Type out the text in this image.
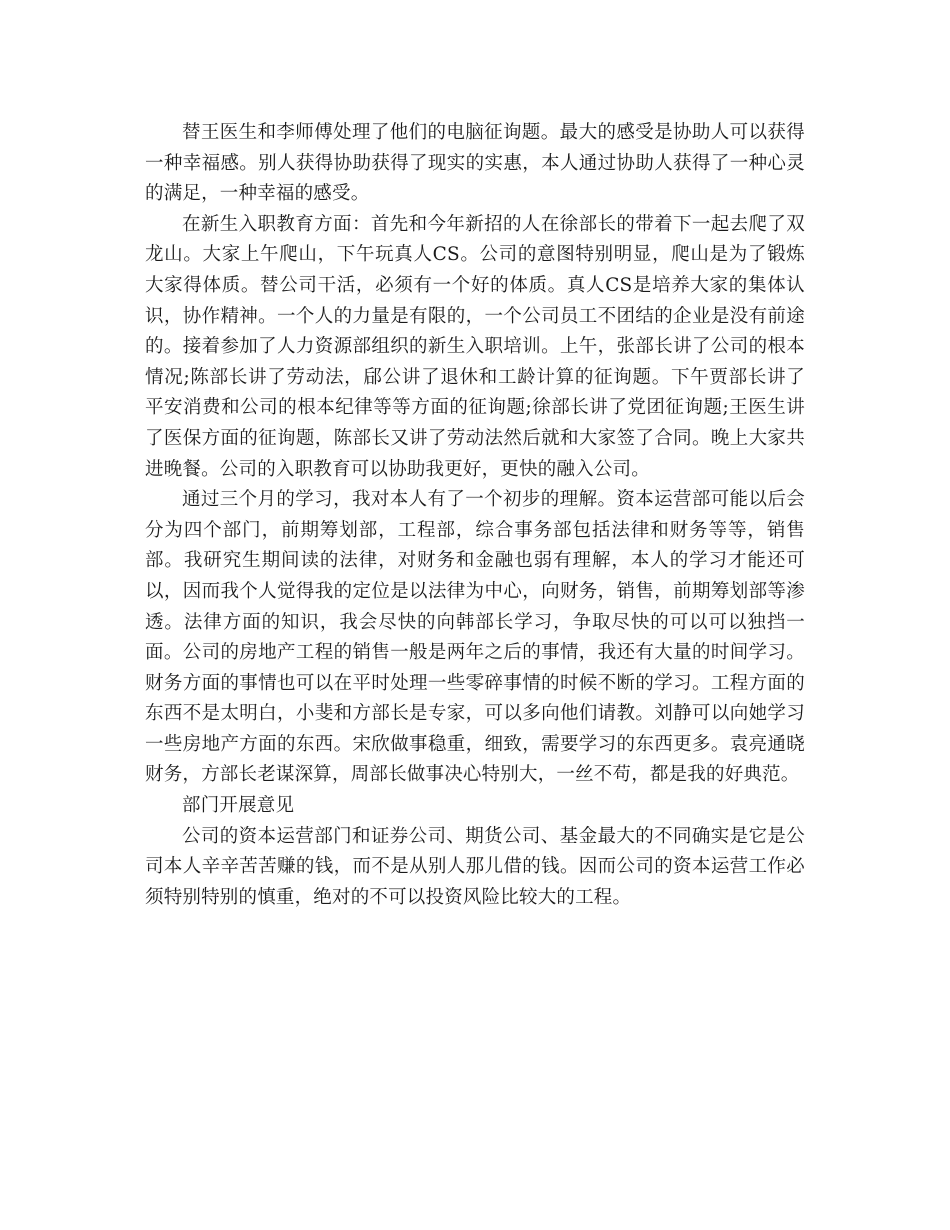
替王医生和李师傅处理了他们的电脑征询题。最大的感受是协助人可以获得一种幸福感。别人获得协助获得了现实的实惠，本人通过协助人获得了一种心灵的满足，一种幸福的感受。

在新生入职教育方面：首先和今年新招的人在徐部长的带着下一起去爬了双龙山。大家上午爬山，下午玩真人CS。公司的意图特别明显，爬山是为了锻炼大家得体质。替公司干活，必须有一个好的体质。真人CS是培养大家的集体认识，协作精神。一个人的力量是有限的，一个公司员工不团结的企业是没有前途的。接着参加了人力资源部组织的新生入职培训。上午，张部长讲了公司的根本情况;陈部长讲了劳动法，郈公讲了退休和工龄计算的征询题。下午贾部长讲了平安消费和公司的根本纪律等等方面的征询题;徐部长讲了党团征询题;王医生讲了医保方面的征询题，陈部长又讲了劳动法然后就和大家签了合同。晚上大家共进晚餐。公司的入职教育可以协助我更好，更快的融入公司。

通过三个月的学习，我对本人有了一个初步的理解。资本运营部可能以后会分为四个部门，前期筹划部，工程部，综合事务部包括法律和财务等等，销售部。我研究生期间读的法律，对财务和金融也弱有理解，本人的学习才能还可以，因而我个人觉得我的定位是以法律为中心，向财务，销售，前期筹划部等渗透。法律方面的知识，我会尽快的向韩部长学习，争取尽快的可以可以独挡一面。公司的房地产工程的销售一般是两年之后的事情，我还有大量的时间学习。财务方面的事情也可以在平时处理一些零碎事情的时候不断的学习。工程方面的东西不是太明白，小斐和方部长是专家，可以多向他们请教。刘静可以向她学习一些房地产方面的东西。宋欣做事稳重，细致，需要学习的东西更多。袁亮通晓财务，方部长老谋深算，周部长做事决心特别大，一丝不苟，都是我的好典范。

部门开展意见

公司的资本运营部门和证券公司、期货公司、基金最大的不同确实是它是公司本人辛辛苦苦赚的钱，而不是从别人那儿借的钱。因而公司的资本运营工作必须特别特别的慎重，绝对的不可以投资风险比较大的工程。
